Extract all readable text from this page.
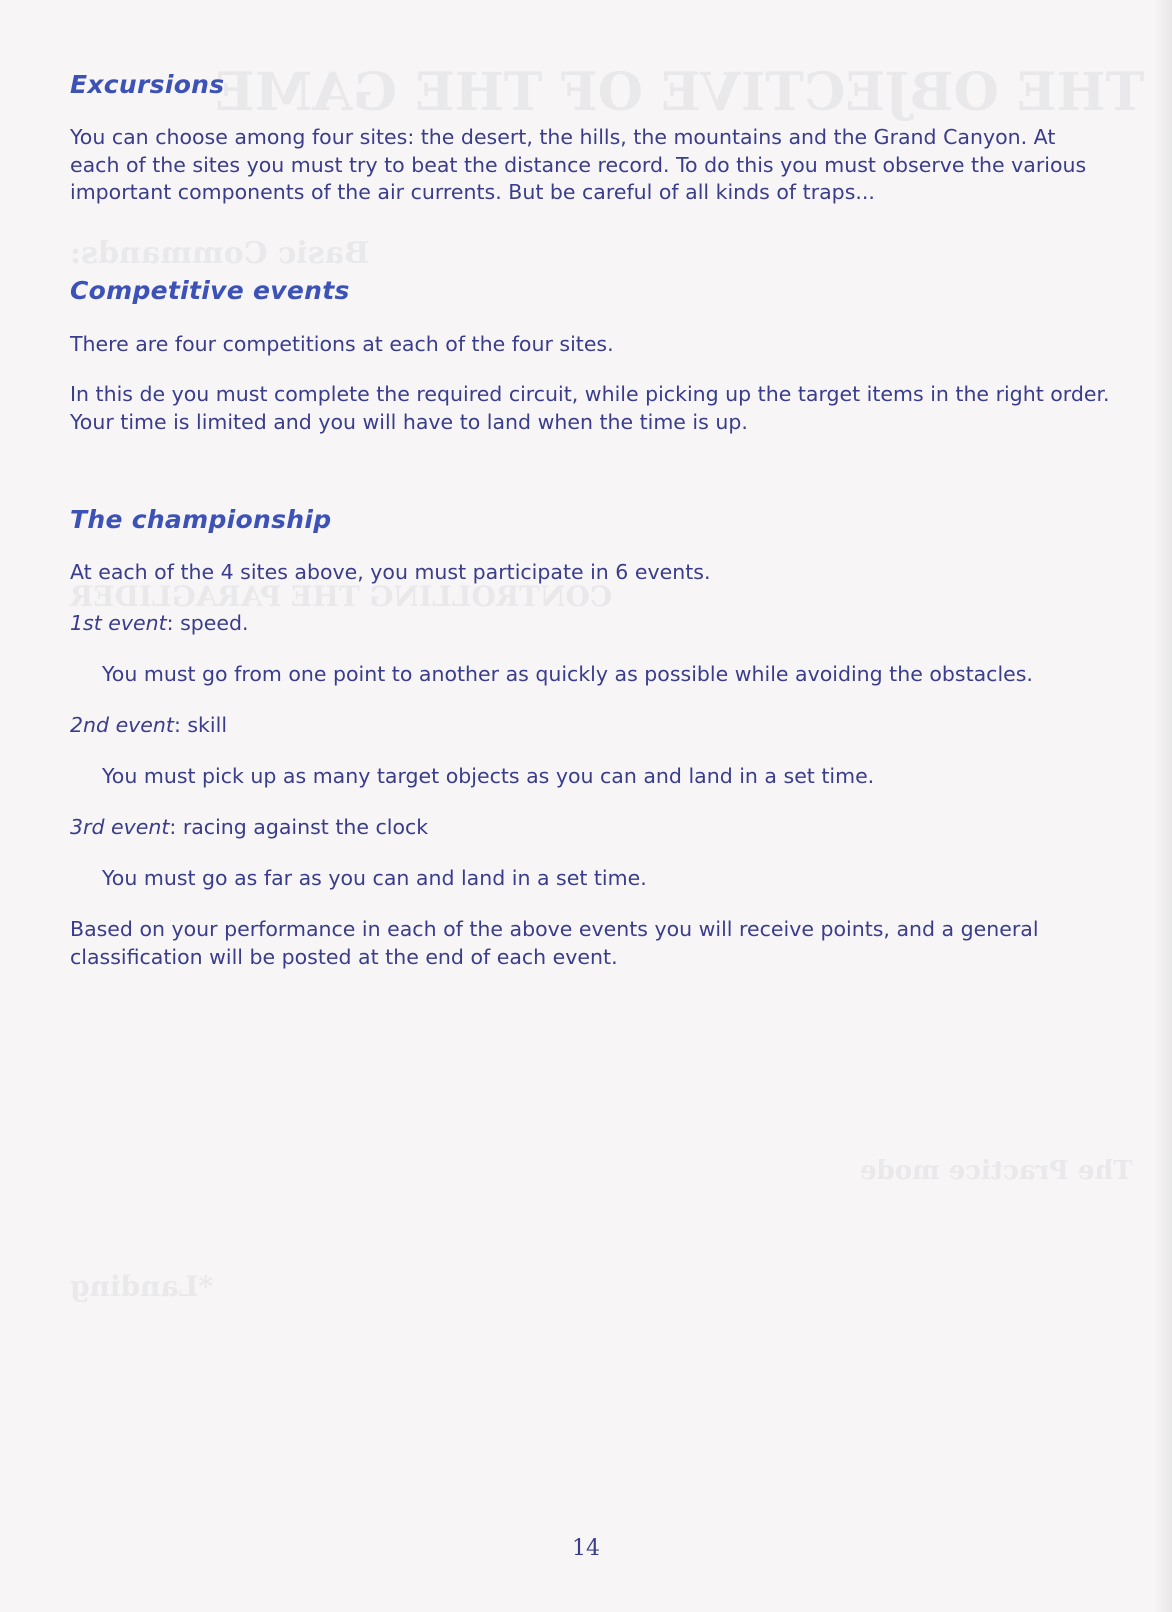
THE OBJECTIVE OF THE GAME
Basic Commands:
CONTROLLING THE PARAGLIDER
The Practice mode
*Landing
Excursions

You can choose among four sites: the desert, the hills, the mountains and the Grand Canyon. At each of the sites you must try to beat the distance record. To do this you must observe the various important components of the air currents. But be careful of all kinds of traps...

Competitive events

There are four competitions at each of the four sites.

In this de you must complete the required circuit, while picking up the target items in the right order. Your time is limited and you will have to land when the time is up.

The championship

At each of the 4 sites above, you must participate in 6 events.

1st event: speed.

You must go from one point to another as quickly as possible while avoiding the obstacles.

2nd event: skill

You must pick up as many target objects as you can and land in a set time.

3rd event: racing against the clock

You must go as far as you can and land in a set time.

Based on your performance in each of the above events you will receive points, and a general classification will be posted at the end of each event.

14
